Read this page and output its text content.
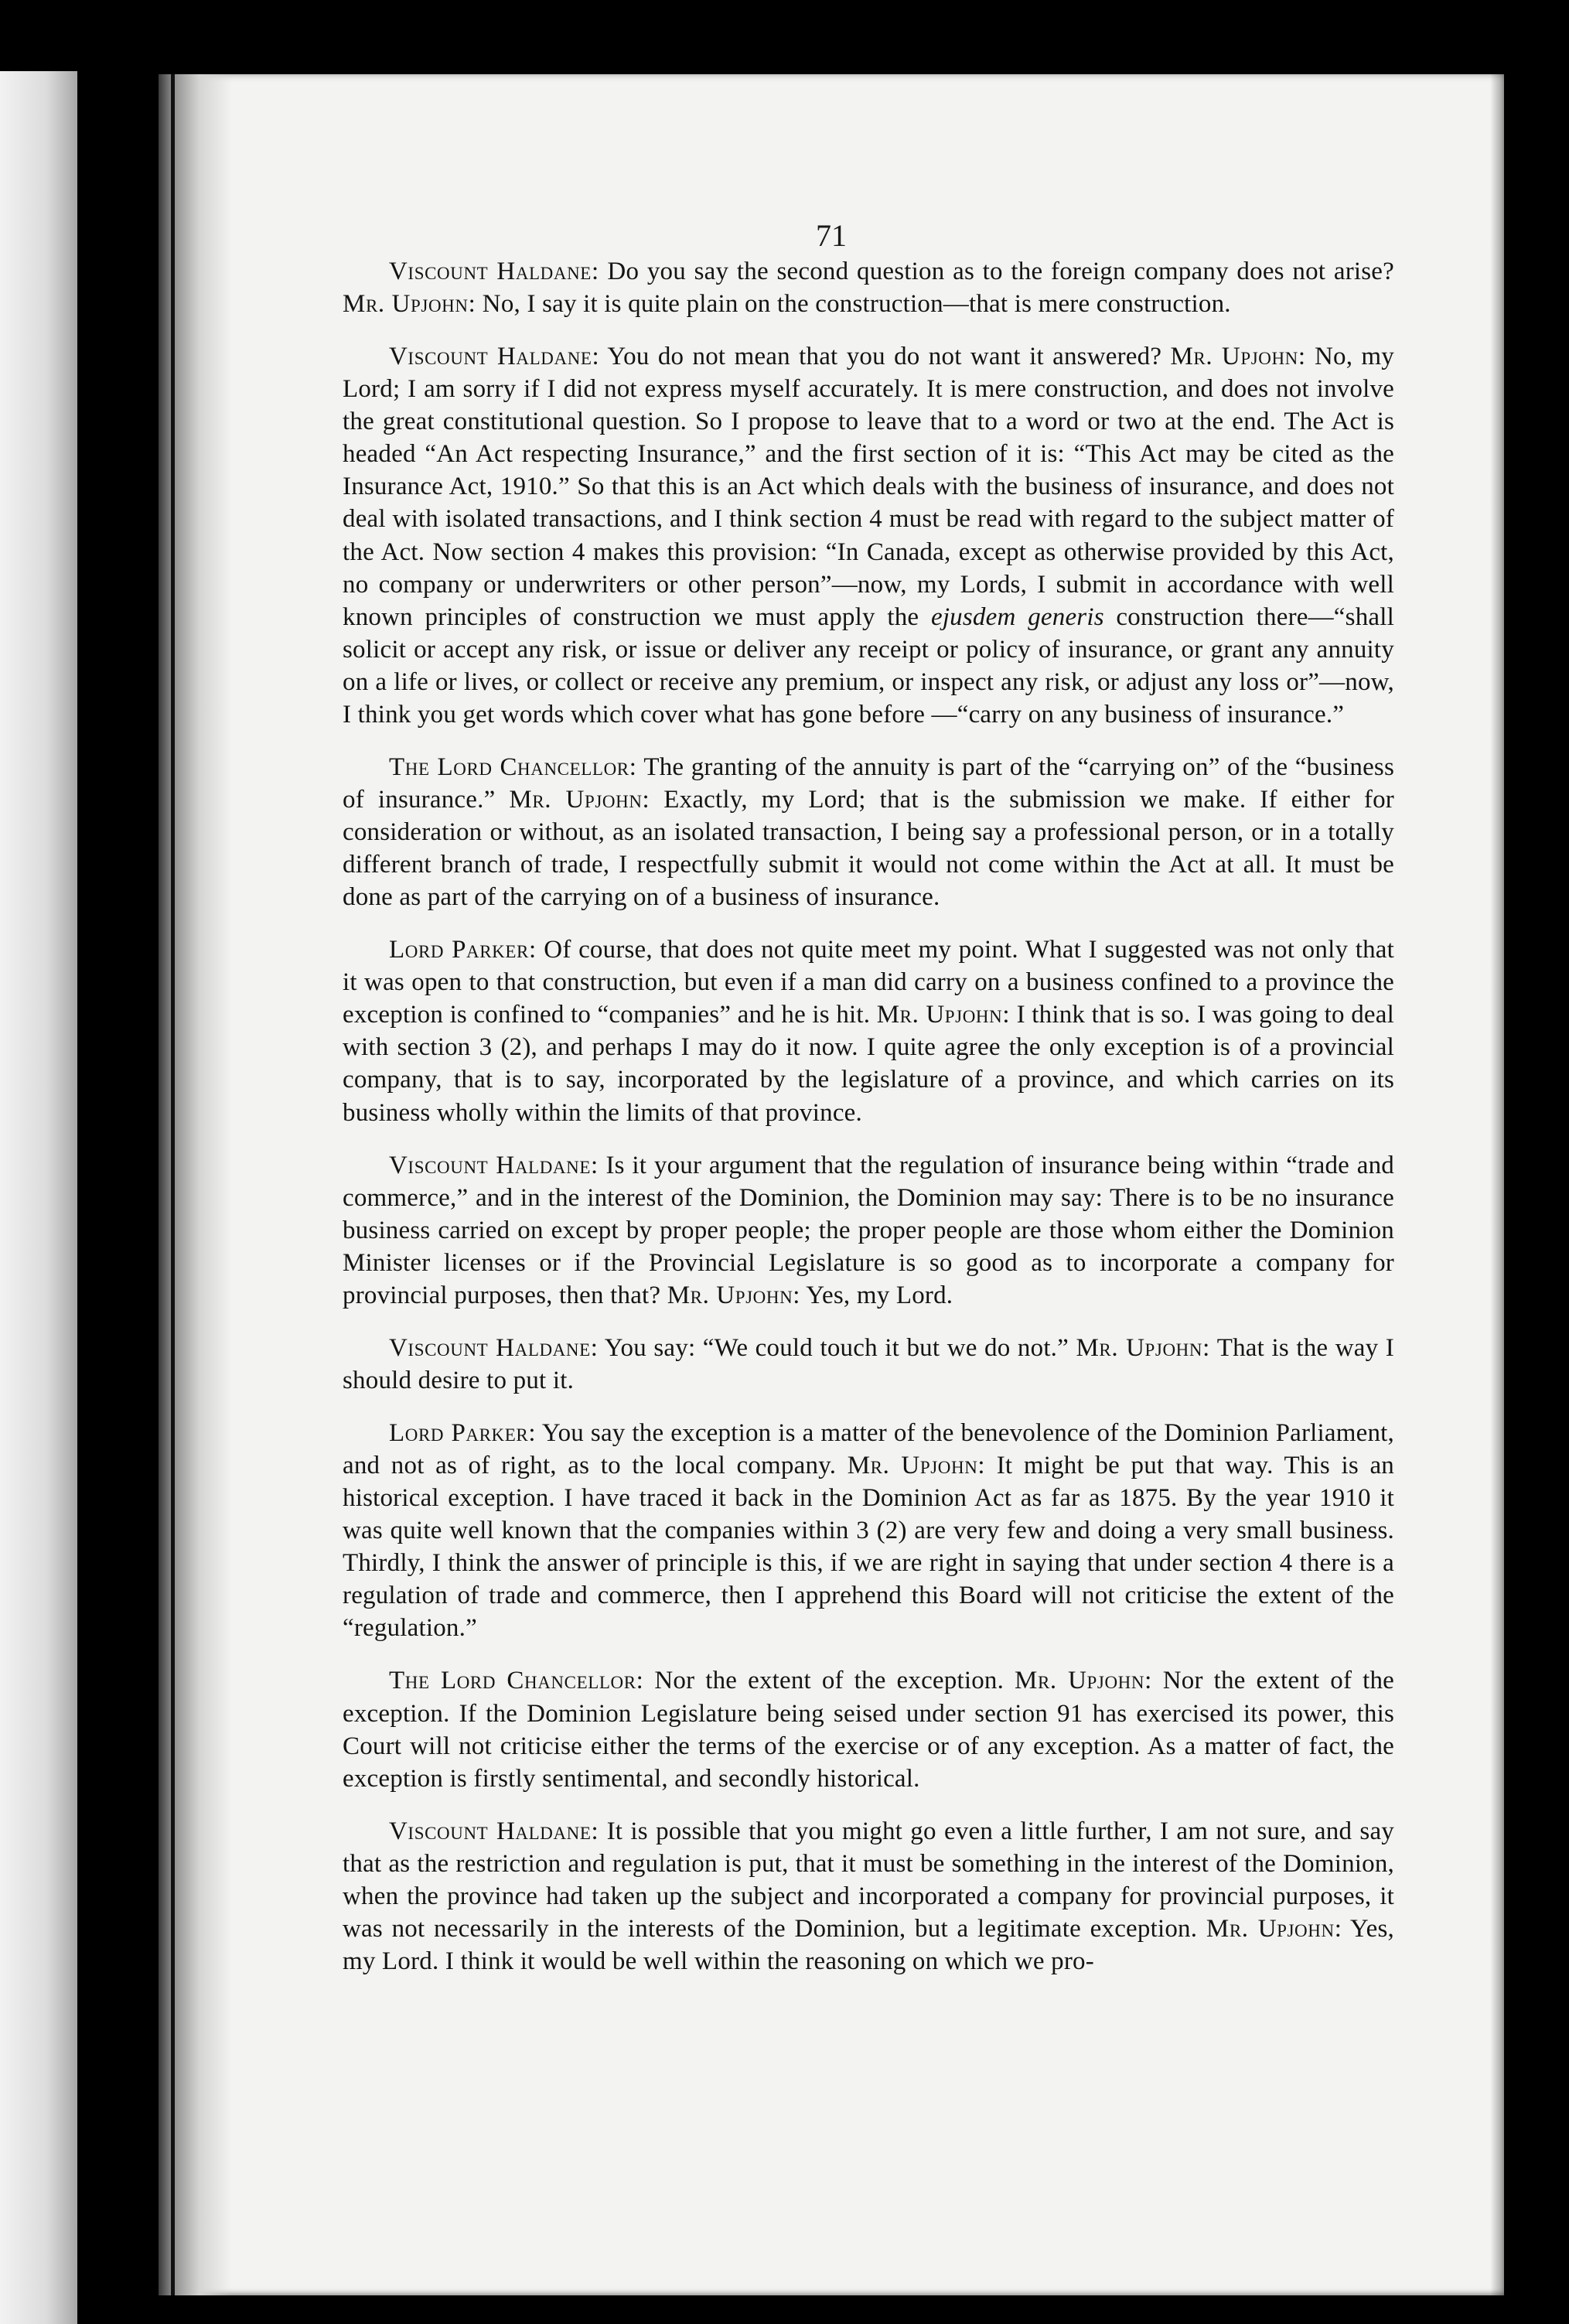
71

Viscount Haldane: Do you say the second question as to the foreign company does not arise? Mr. Upjohn: No, I say it is quite plain on the construction—that is mere construction.

Viscount Haldane: You do not mean that you do not want it answered? Mr. Upjohn: No, my Lord; I am sorry if I did not express myself accurately. It is mere construction, and does not involve the great constitutional question. So I propose to leave that to a word or two at the end. The Act is headed “An Act respecting Insurance,” and the first section of it is: “This Act may be cited as the Insurance Act, 1910.” So that this is an Act which deals with the business of insurance, and does not deal with isolated transactions, and I think section 4 must be read with regard to the subject matter of the Act. Now section 4 makes this provision: “In Canada, except as otherwise provided by this Act, no company or underwriters or other person”—now, my Lords, I submit in accordance with well known principles of construction we must apply the ejusdem generis construction there—“shall solicit or accept any risk, or issue or deliver any receipt or policy of insurance, or grant any annuity on a life or lives, or collect or receive any premium, or inspect any risk, or adjust any loss or”—now, I think you get words which cover what has gone before —“carry on any business of insurance.”

The Lord Chancellor: The granting of the annuity is part of the “carrying on” of the “business of insurance.” Mr. Upjohn: Exactly, my Lord; that is the submission we make. If either for consideration or without, as an isolated transaction, I being say a professional person, or in a totally different branch of trade, I respectfully submit it would not come within the Act at all. It must be done as part of the carrying on of a business of insurance.

Lord Parker: Of course, that does not quite meet my point. What I suggested was not only that it was open to that construction, but even if a man did carry on a business confined to a province the exception is confined to “companies” and he is hit. Mr. Upjohn: I think that is so. I was going to deal with section 3 (2), and perhaps I may do it now. I quite agree the only exception is of a provincial company, that is to say, incorporated by the legislature of a province, and which carries on its business wholly within the limits of that province.

Viscount Haldane: Is it your argument that the regulation of insurance being within “trade and commerce,” and in the interest of the Dominion, the Dominion may say: There is to be no insurance business carried on except by proper people; the proper people are those whom either the Dominion Minister licenses or if the Provincial Legislature is so good as to incorporate a company for provincial purposes, then that? Mr. Upjohn: Yes, my Lord.

Viscount Haldane: You say: “We could touch it but we do not.” Mr. Upjohn: That is the way I should desire to put it.

Lord Parker: You say the exception is a matter of the benevolence of the Dominion Parliament, and not as of right, as to the local company. Mr. Upjohn: It might be put that way. This is an historical exception. I have traced it back in the Dominion Act as far as 1875. By the year 1910 it was quite well known that the companies within 3 (2) are very few and doing a very small business. Thirdly, I think the answer of principle is this, if we are right in saying that under section 4 there is a regulation of trade and commerce, then I apprehend this Board will not criticise the extent of the “regulation.”

The Lord Chancellor: Nor the extent of the exception. Mr. Upjohn: Nor the extent of the exception. If the Dominion Legislature being seised under section 91 has exercised its power, this Court will not criticise either the terms of the exercise or of any exception. As a matter of fact, the exception is firstly sentimental, and secondly historical.

Viscount Haldane: It is possible that you might go even a little further, I am not sure, and say that as the restriction and regulation is put, that it must be something in the interest of the Dominion, when the province had taken up the subject and incorporated a company for provincial purposes, it was not necessarily in the interests of the Dominion, but a legitimate exception. Mr. Upjohn: Yes, my Lord. I think it would be well within the reasoning on which we pro-
